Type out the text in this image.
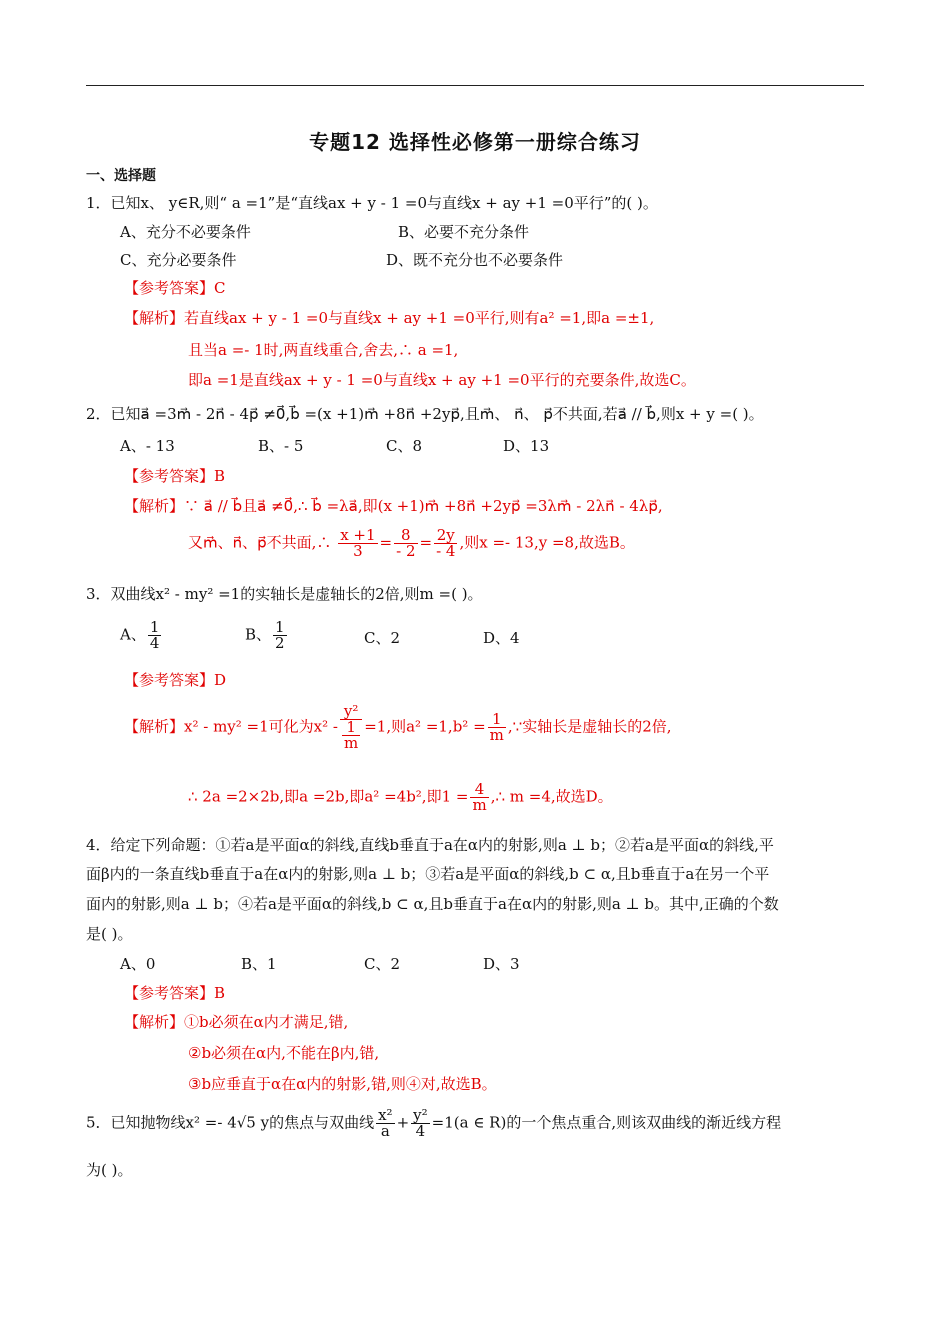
专题12 选择性必修第一册综合练习
一、选择题
1．已知x、 y∈R,则“ a =1”是“直线ax + y - 1 =0与直线x + ay +1 =0平行”的( )。
A、充分不必要条件	B、必要不充分条件
C、充分必要条件	D、既不充分也不必要条件
【参考答案】C
【解析】若直线ax + y - 1 =0与直线x + ay +1 =0平行,则有a² =1,即a =±1,
且当a =- 1时,两直线重合,舍去,∴ a =1,
即a =1是直线ax + y - 1 =0与直线x + ay +1 =0平行的充要条件,故选C。
2．已知a⃗ =3m⃗ - 2n⃗ - 4p⃗ ≠0⃗,b⃗ =(x +1)m⃗ +8n⃗ +2yp⃗,且m⃗、 n⃗、 p⃗不共面,若a⃗ // b⃗,则x + y =( )。
A、- 13	B、- 5	C、8	D、13
【参考答案】B
【解析】∵ a⃗ // b⃗且a⃗ ≠0⃗,∴ b⃗ =λa⃗,即(x +1)m⃗ +8n⃗ +2yp⃗ =3λm⃗ - 2λn⃗ - 4λp⃗,
又m⃗、n⃗、p⃗不共面,∴ $\frac{x +1}{3} = \frac{8}{- 2} = \frac{2y}{- 4}$ ,则x =- 13,y =8,故选B。
3．双曲线x² - my² =1的实轴长是虚轴长的2倍,则m =( )。
A、 $\frac{1}{4}$	B、 $\frac{1}{2}$	C、2	D、4
【参考答案】D
【解析】x² - my² =1可化为$x^2 - \frac{\text{y²}}{\frac{1}{m}} =1$,则$a^2 =1,b^2 = \frac{1}{m}$ ,∵实轴长是虚轴长的2倍,
∴ 2a =2×2b,即a =2b,即a² =4b²,即$1 = \frac{4}{m}$ ,∴ m =4,故选D。
4．给定下列命题：①若a是平面α的斜线,直线b垂直于a在α内的射影,则a ⊥ b；②若a是平面α的斜线,平
面β内的一条直线b垂直于a在α内的射影,则a ⊥ b；③若a是平面α的斜线,b ⊂ α,且b垂直于a在另一个平
面内的射影,则a ⊥ b；④若a是平面α的斜线,b ⊂ α,且b垂直于a在α内的射影,则a ⊥ b。其中,正确的个数
是( )。
A、0	B、1	C、2	D、3
【参考答案】B
【解析】①b必须在α内才满足,错,
②b必须在α内,不能在β内,错,
③b应垂直于α在α内的射影,错,则④对,故选B。
5．已知抛物线x² =- 4√5 y的焦点与双曲线 $\frac{\text{x²}}{a} + \frac{\text{y²}}{4} =1(a$ ∈ R)的一个焦点重合,则该双曲线的渐近线方程
为( )。
